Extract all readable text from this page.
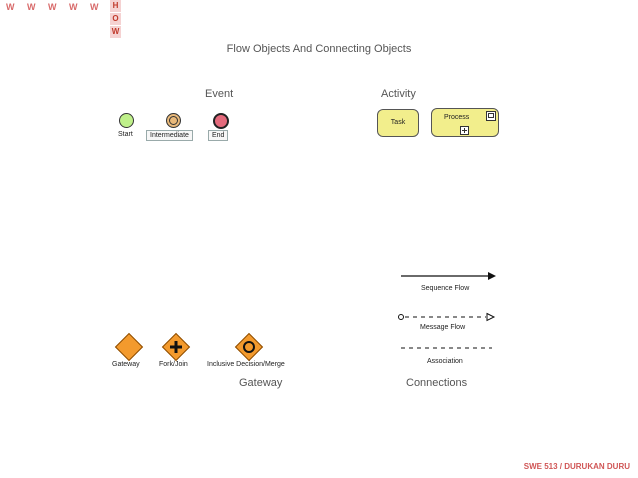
W W W W W	H
O
W
Flow Objects And Connecting Objects
Event	Activity
Gateway	Connections
Start	Intermediate	End
Task
Process
Gateway	Fork/Join	Inclusive Decision/Merge
Sequence Flow
Message Flow
Association
SWE 513 / DURUKAN DURU
